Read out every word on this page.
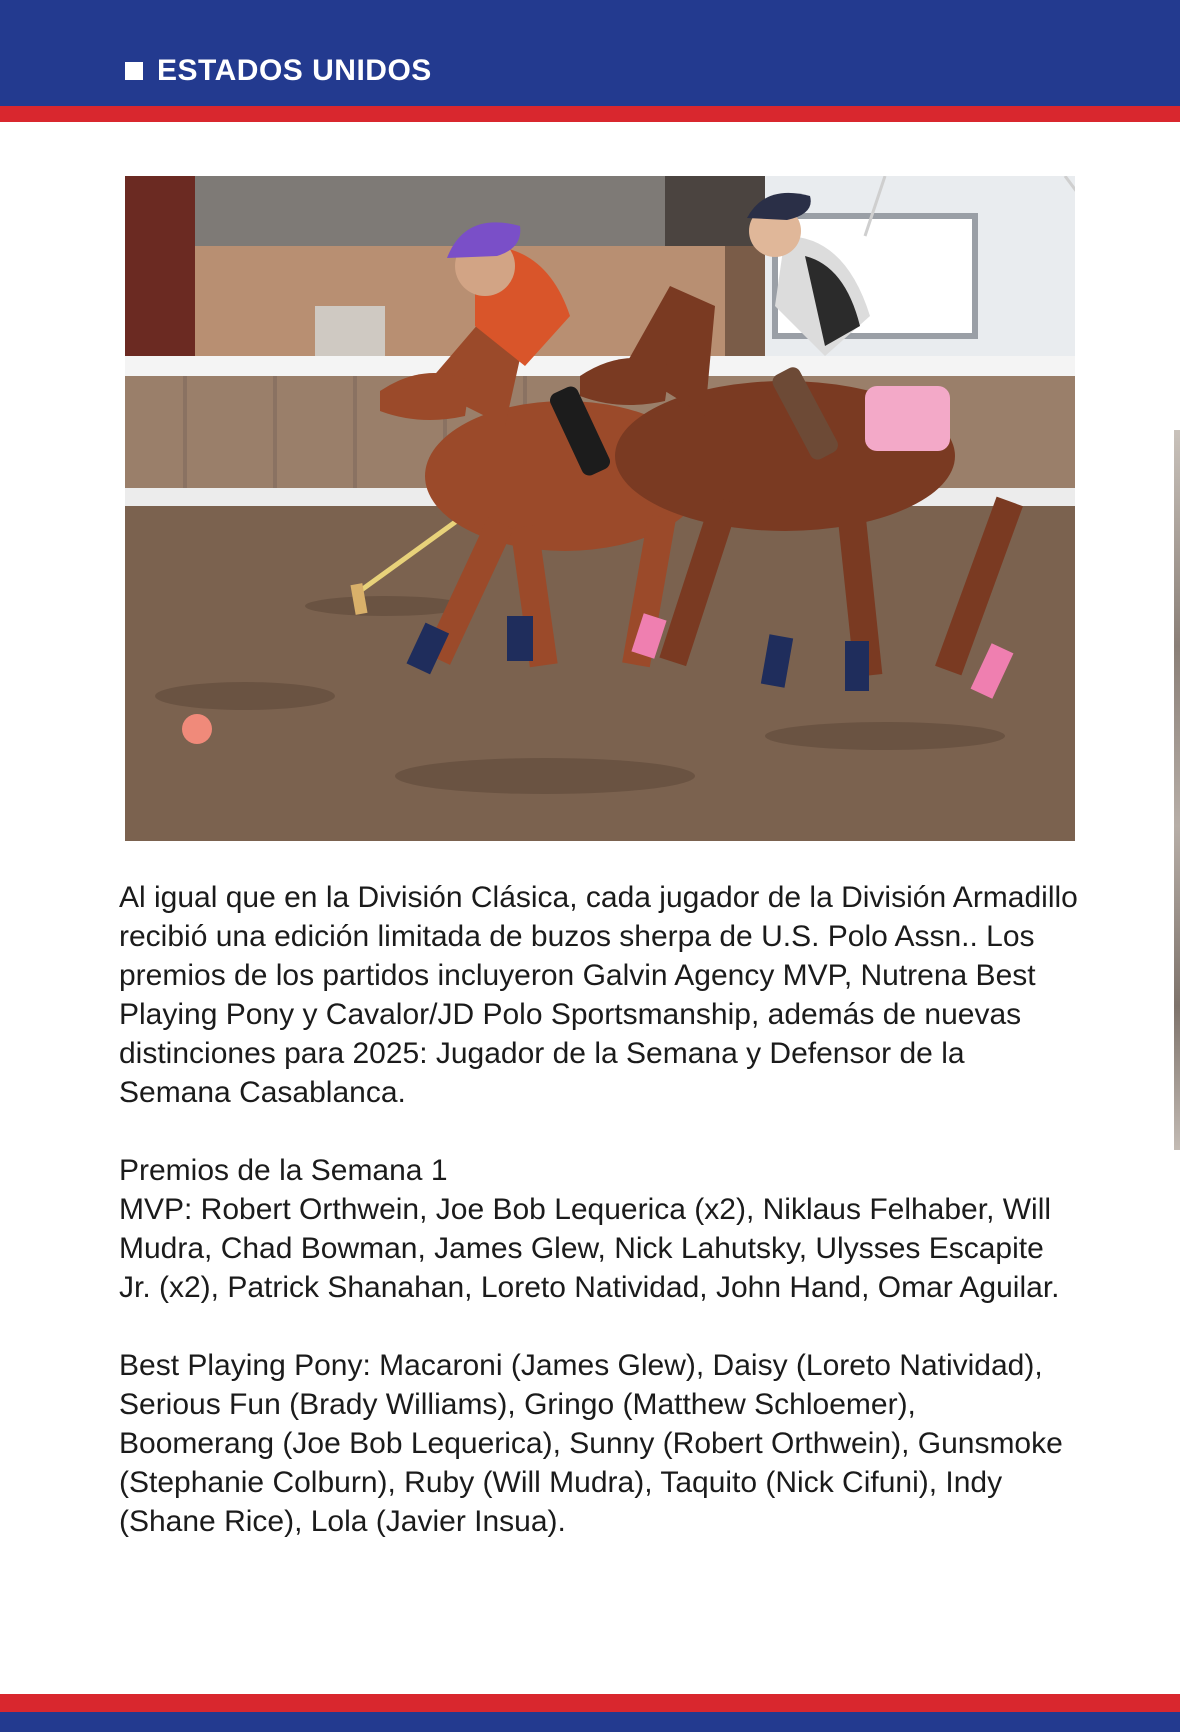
ESTADOS UNIDOS

Al igual que en la División Clásica, cada jugador de la División Armadillo recibió una edición limitada de buzos sherpa de U.S. Polo Assn.. Los premios de los partidos incluyeron Galvin Agency MVP, Nutrena Best Playing Pony y Cavalor/JD Polo Sportsmanship, además de nuevas distinciones para 2025: Jugador de la Semana y Defensor de la Semana Casablanca.

Premios de la Semana 1

MVP: Robert Orthwein, Joe Bob Lequerica (x2), Niklaus Felhaber, Will Mudra, Chad Bowman, James Glew, Nick Lahutsky, Ulysses Escapite Jr. (x2), Patrick Shanahan, Loreto Natividad, John Hand, Omar Aguilar.

Best Playing Pony: Macaroni (James Glew), Daisy (Loreto Natividad), Serious Fun (Brady Williams), Gringo (Matthew Schloemer), Boomerang (Joe Bob Lequerica), Sunny (Robert Orthwein), Gunsmoke (Stephanie Colburn), Ruby (Will Mudra), Taquito (Nick Cifuni), Indy (Shane Rice), Lola (Javier Insua).
